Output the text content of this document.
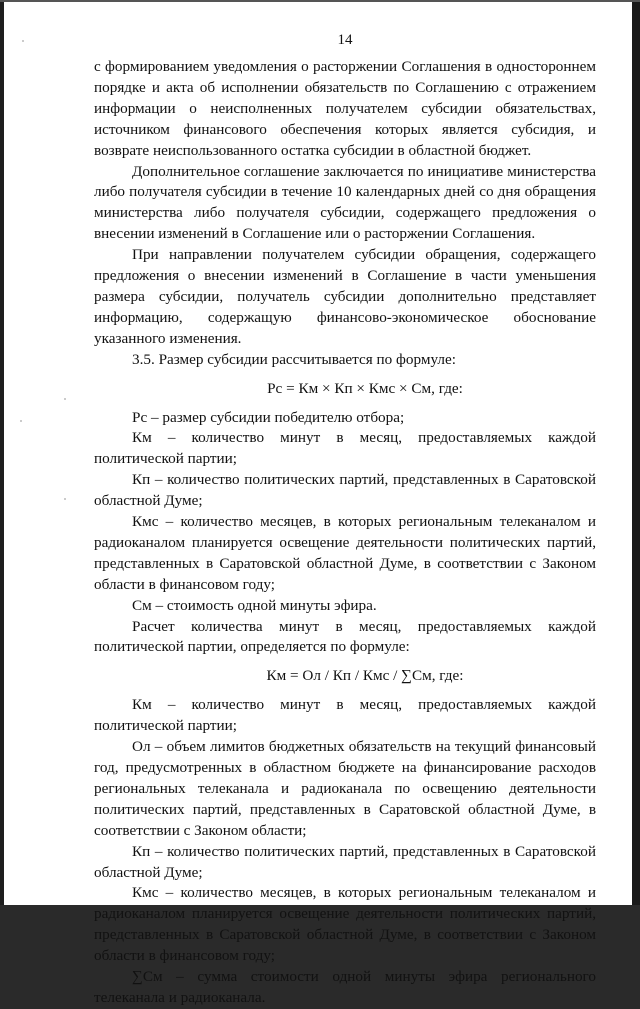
14

с формированием уведомления о расторжении Соглашения в одностороннем порядке и акта об исполнении обязательств по Соглашению с отражением информации о неисполненных получателем субсидии обязательствах, источником финансового обеспечения которых является субсидия, и возврате неиспользованного остатка субсидии в областной бюджет.

Дополнительное соглашение заключается по инициативе министерства либо получателя субсидии в течение 10 календарных дней со дня обращения министерства либо получателя субсидии, содержащего предложения о внесении изменений в Соглашение или о расторжении Соглашения.

При направлении получателем субсидии обращения, содержащего предложения о внесении изменений в Соглашение в части уменьшения размера субсидии, получатель субсидии дополнительно представляет информацию, содержащую финансово-экономическое обоснование указанного изменения.

3.5. Размер субсидии рассчитывается по формуле:

Рс = Км × Кп × Кмс × См, где:

Рс – размер субсидии победителю отбора;

Км – количество минут в месяц, предоставляемых каждой политической партии;

Кп – количество политических партий, представленных в Саратовской областной Думе;

Кмс – количество месяцев, в которых региональным телеканалом и радиоканалом планируется освещение деятельности политических партий, представленных в Саратовской областной Думе, в соответствии с Законом области в финансовом году;

См – стоимость одной минуты эфира.

Расчет количества минут в месяц, предоставляемых каждой политической партии, определяется по формуле:

Км = Ол / Кп / Кмс / ∑См, где:

Км – количество минут в месяц, предоставляемых каждой политической партии;

Ол – объем лимитов бюджетных обязательств на текущий финансовый год, предусмотренных в областном бюджете на финансирование расходов региональных телеканала и радиоканала по освещению деятельности политических партий, представленных в Саратовской областной Думе, в соответствии с Законом области;

Кп – количество политических партий, представленных в Саратовской областной Думе;

Кмс – количество месяцев, в которых региональным телеканалом и радиоканалом планируется освещение деятельности политических партий, представленных в Саратовской областной Думе, в соответствии с Законом области в финансовом году;

∑См – сумма стоимости одной минуты эфира регионального телеканала и радиоканала.
